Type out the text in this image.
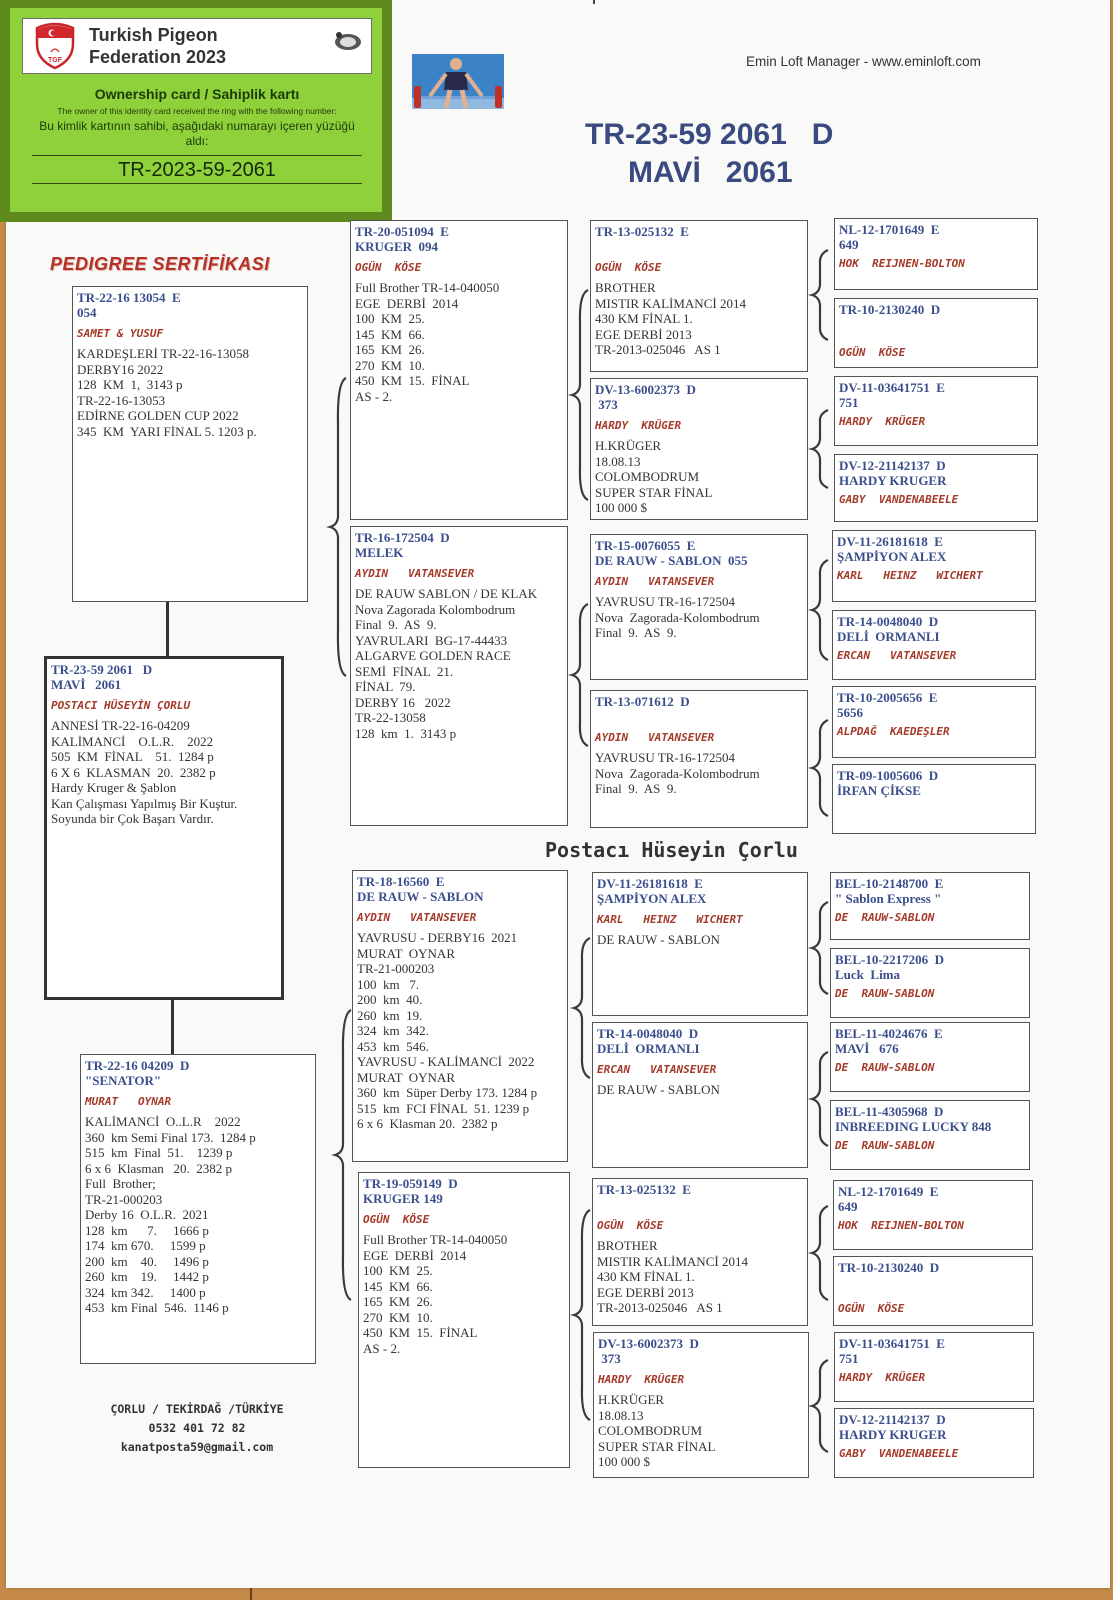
TGF
Turkish Pigeon
Federation 2023
Ownership card / Sahiplik kartı
The owner of this identity card received the ring with the following number:
Bu kimlik kartının sahibi, aşağıdaki numarayı içeren yüzüğü aldı:
TR-2023-59-2061
Emin Loft Manager - www.eminloft.com
TR-23-59 2061   D
MAVİ   2061
PEDIGREE SERTİFİKASI
TR-23-59 2061   D
MAVİ   2061
POSTACI HÜSEYİN ÇORLU
ANNESİ TR-22-16-04209
KALİMANCİ    O.L.R.    2022
505  KM  FİNAL    51.  1284 p
6 X 6  KLASMAN  20.  2382 p
Hardy Kruger & Şablon
Kan Çalışması Yapılmış Bir Kuştur.
Soyunda bir Çok Başarı Vardır.
TR-22-16 13054  E
054
SAMET & YUSUF
KARDEŞLERİ TR-22-16-13058
DERBY16 2022
128  KM  1,  3143 p
TR-22-16-13053
EDİRNE GOLDEN CUP 2022
345  KM  YARI FİNAL 5. 1203 p.
TR-22-16 04209  D
"SENATOR"
MURAT   OYNAR
KALİMANCİ  O..L.R    2022
360  km Semi Final 173.  1284 p
515  km  Final  51.    1239 p
6 x 6  Klasman   20.  2382 p
Full  Brother;
TR-21-000203
Derby 16  O.L.R.  2021
128  km      7.     1666 p
174  km 670.     1599 p
200  km    40.     1496 p
260  km    19.     1442 p
324  km 342.     1400 p
453  km Final  546.  1146 p
TR-20-051094  E
KRUGER  094
OGÜN  KÖSE
Full Brother TR-14-040050
EGE  DERBİ  2014
100  KM  25.
145  KM  66.
165  KM  26.
270  KM  10.
450  KM  15.  FİNAL
AS - 2.
TR-16-172504  D
MELEK
AYDIN   VATANSEVER
DE RAUW SABLON / DE KLAK
Nova Zagorada Kolombodrum
Final  9.  AS  9.
YAVRULARI  BG-17-44433
ALGARVE GOLDEN RACE
SEMİ  FİNAL  21.
FİNAL  79.
DERBY 16   2022
TR-22-13058
128  km  1.  3143 p
TR-18-16560  E
DE RAUW - SABLON
AYDIN   VATANSEVER
YAVRUSU - DERBY16  2021
MURAT  OYNAR
TR-21-000203
100  km   7.
200  km  40.
260  km  19.
324  km  342.
453  km  546.
YAVRUSU - KALİMANCİ  2022
MURAT  OYNAR
360  km  Süper Derby 173. 1284 p
515  km  FCI FİNAL  51. 1239 p
6 x 6  Klasman 20.  2382 p
TR-19-059149  D
KRUGER 149
OGÜN  KÖSE
Full Brother TR-14-040050
EGE  DERBİ  2014
100  KM  25.
145  KM  66.
165  KM  26.
270  KM  10.
450  KM  15.  FİNAL
AS - 2.
TR-13-025132  E

OGÜN  KÖSE
BROTHER
MISTIR KALİMANCİ 2014
430 KM FİNAL 1.
EGE DERBİ 2013
TR-2013-025046   AS 1
DV-13-6002373  D
373
HARDY  KRÜGER
H.KRÜGER
18.08.13
COLOMBODRUM
SUPER STAR FİNAL
100 000 $
TR-15-0076055  E
DE RAUW - SABLON  055
AYDIN   VATANSEVER
YAVRUSU TR-16-172504
Nova  Zagorada-Kolombodrum
Final  9.  AS  9.
TR-13-071612  D

AYDIN   VATANSEVER
YAVRUSU TR-16-172504
Nova  Zagorada-Kolombodrum
Final  9.  AS  9.
DV-11-26181618  E
ŞAMPİYON ALEX
KARL   HEINZ   WICHERT
DE RAUW - SABLON
TR-14-0048040  D
DELİ  ORMANLI
ERCAN   VATANSEVER
DE RAUW - SABLON
TR-13-025132  E

OGÜN  KÖSE
BROTHER
MISTIR KALİMANCİ 2014
430 KM FİNAL 1.
EGE DERBİ 2013
TR-2013-025046   AS 1
DV-13-6002373  D
373
HARDY  KRÜGER
H.KRÜGER
18.08.13
COLOMBODRUM
SUPER STAR FİNAL
100 000 $
NL-12-1701649  E
649
HOK  REIJNEN-BOLTON
TR-10-2130240  D

OGÜN  KÖSE
DV-11-03641751  E
751
HARDY  KRÜGER
DV-12-21142137  D
HARDY KRUGER
GABY  VANDENABEELE
DV-11-26181618  E
ŞAMPİYON ALEX
KARL   HEINZ   WICHERT
TR-14-0048040  D
DELİ  ORMANLI
ERCAN   VATANSEVER
TR-10-2005656  E
5656
ALPDAĞ  KAEDEŞLER
TR-09-1005606  D
İRFAN ÇİKSE
BEL-10-2148700  E
" Sablon Express "
DE  RAUW-SABLON
BEL-10-2217206  D
Luck  Lima
DE  RAUW-SABLON
BEL-11-4024676  E
MAVİ   676
DE  RAUW-SABLON
BEL-11-4305968  D
INBREEDING LUCKY 848
DE  RAUW-SABLON
NL-12-1701649  E
649
HOK  REIJNEN-BOLTON
TR-10-2130240  D

OGÜN  KÖSE
DV-11-03641751  E
751
HARDY  KRÜGER
DV-12-21142137  D
HARDY KRUGER
GABY  VANDENABEELE
Postacı Hüseyin Çorlu
ÇORLU / TEKİRDAĞ /TÜRKİYE
0532 401 72 82
kanatposta59@gmail.com
